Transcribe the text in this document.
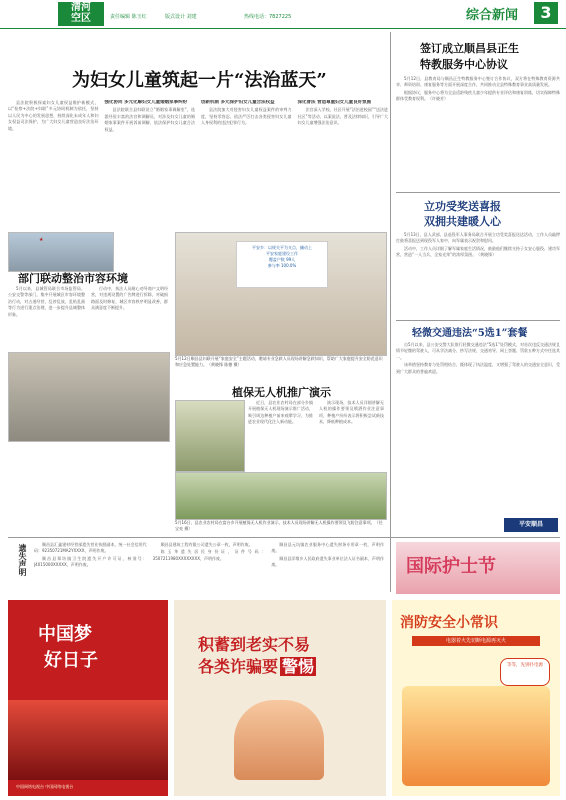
清河
空区	责任编辑 陈玉红	版式设计 刘建	热线电话：7827225	综合新闻	3
为妇女儿童筑起一片“法治蓝天”

县法院积极探索妇女儿童权益维护新模式，以“检察+法院+妇联”多元协同机制为依托，坚持以人民为中心的发展思想，持续深化未成年人和妇女权益司法保护，为广大妇女儿童营造良好法治环境。

强化协同 多元化解妇女儿童婚姻家事纠纷

县法院联合县妇联设立“婚姻家事调解室”，选派经验丰富的法官和调解员，对涉及妇女儿童的婚姻家事案件开展诉前调解，依法保护妇女儿童合法权益。

创新机制 多元保护妇女儿童合法权益

县法院加大对侵害妇女儿童权益案件的审判力度，坚持零容忍，依法严厉打击各类侵害妇女儿童人身权利的违法犯罪行为。

深化普法 营造尊重妇女儿童良好氛围

法官深入学校、社区开展“法治进校园”“送法进社区”等活动，以案说法，普及法律知识，引导广大妇女儿童增强法治意识。

★
部门联动整治市容环境

5月以来，县城管局联合市场监管局、公安交警等部门，集中开展城区市容环境整治行动，对占道经营、乱停乱放、乱贴乱画等行为进行重点治理，进一步提升县城整体形象。

行动中，执法人员耐心劝导商户文明经营，对违规设置的广告牌进行拆除，对破损路面及时修复，城区市容秩序明显改善，群众满意度不断提升。

平安乡：以规关平为支点，撬动上
平安家庭建设工作
覆盖户数 99人
参与率 100.0%
5月12日顺昌县妇联开展“家庭安全”主题活动，邀请专业急救人员现场讲解急救知识，帮助广大家庭提升安全防范意识和应急处置能力。（黄晓锋 陈德 摄）
植保无人机推广演示

近日，县农业农村局在部分乡镇开展植保无人机现场演示推广活动，吸引周边种植户前来观摩学习，为推进农业现代化注入新动能。

演示现场，技术人员详细讲解无人机的操作要领及喷洒作业注意事项，种植户纷纷表示将积极尝试新技术，降低种植成本。

5月16日，县农业农村局在富台乡开展植保无人机作业演示，技术人员现场讲解无人机操作要领及飞防注意事项。（任宝亮 摄）
签订成立顺昌县正生
特教服务中心协议

5月12日，县教育局与顺昌正生特教服务中心签订合作协议，双方将在特殊教育资源共享、师资培训、康复服务等方面开展深度合作，共同推动全县特殊教育事业高质量发展。

根据协议，服务中心将为全县适龄残疾儿童少年提供专业评估和康复训练，切实保障特殊群体受教育权利。（许晓芳）

立功受奖送喜报
双拥共建暖人心

5月13日，县人武部、县退役军人事务局联合开展立功受奖喜报送达活动，工作人员敲锣打鼓将喜报送到现役军人家中，向军属表示祝贺和慰问。

活动中，工作人员详细了解军属家庭生活情况，鼓励他们继续支持子女安心服役、建功军营，营造“一人当兵、全家光荣”的浓厚氛围。（黄晓锋）

轻微交通违法“5选1”套餐

自5月以来，县公安交警大队推行轻微交通违法“5选1”处罚模式，对首次违反交通法规且情节轻微的驾驶人，可从学法减分、抄写法规、交通劝导、网上答题、罚款五种方式中任选其一。

该举措坚持教育与处罚相结合，既体现了执法温度，又增强了驾驶人的交通安全意识，受到广大群众的普遍欢迎。

平安顺昌
遗失声明	顺昌县汇鑫建材经营部遗失营业执照副本，统一社会信用代码：92350721MA2YXXXX，声明作废。

顺昌县郑坊镇卫生院遗失开户许可证，核准号：J4015000XXXXX，声明作废。

顺昌县建筑工程有限公司遗失公章一枚，声明作废。

陈玉华遗失居民身份证，证件号码：3507211980XXXXXXXX，声明作废。

顺昌县元坑镇农业服务中心遗失财务专用章一枚，声明作废。

顺昌县洋墩乡人民政府遗失事业单位法人证书副本，声明作废。	国际护士节
中国梦
好日子
中国网络电视台 中国网络电视台
积蓄到老实不易
各类诈骗要 警惕
消防安全小常识
电器着火先切断电源再灭火
等等，先别扑电源
